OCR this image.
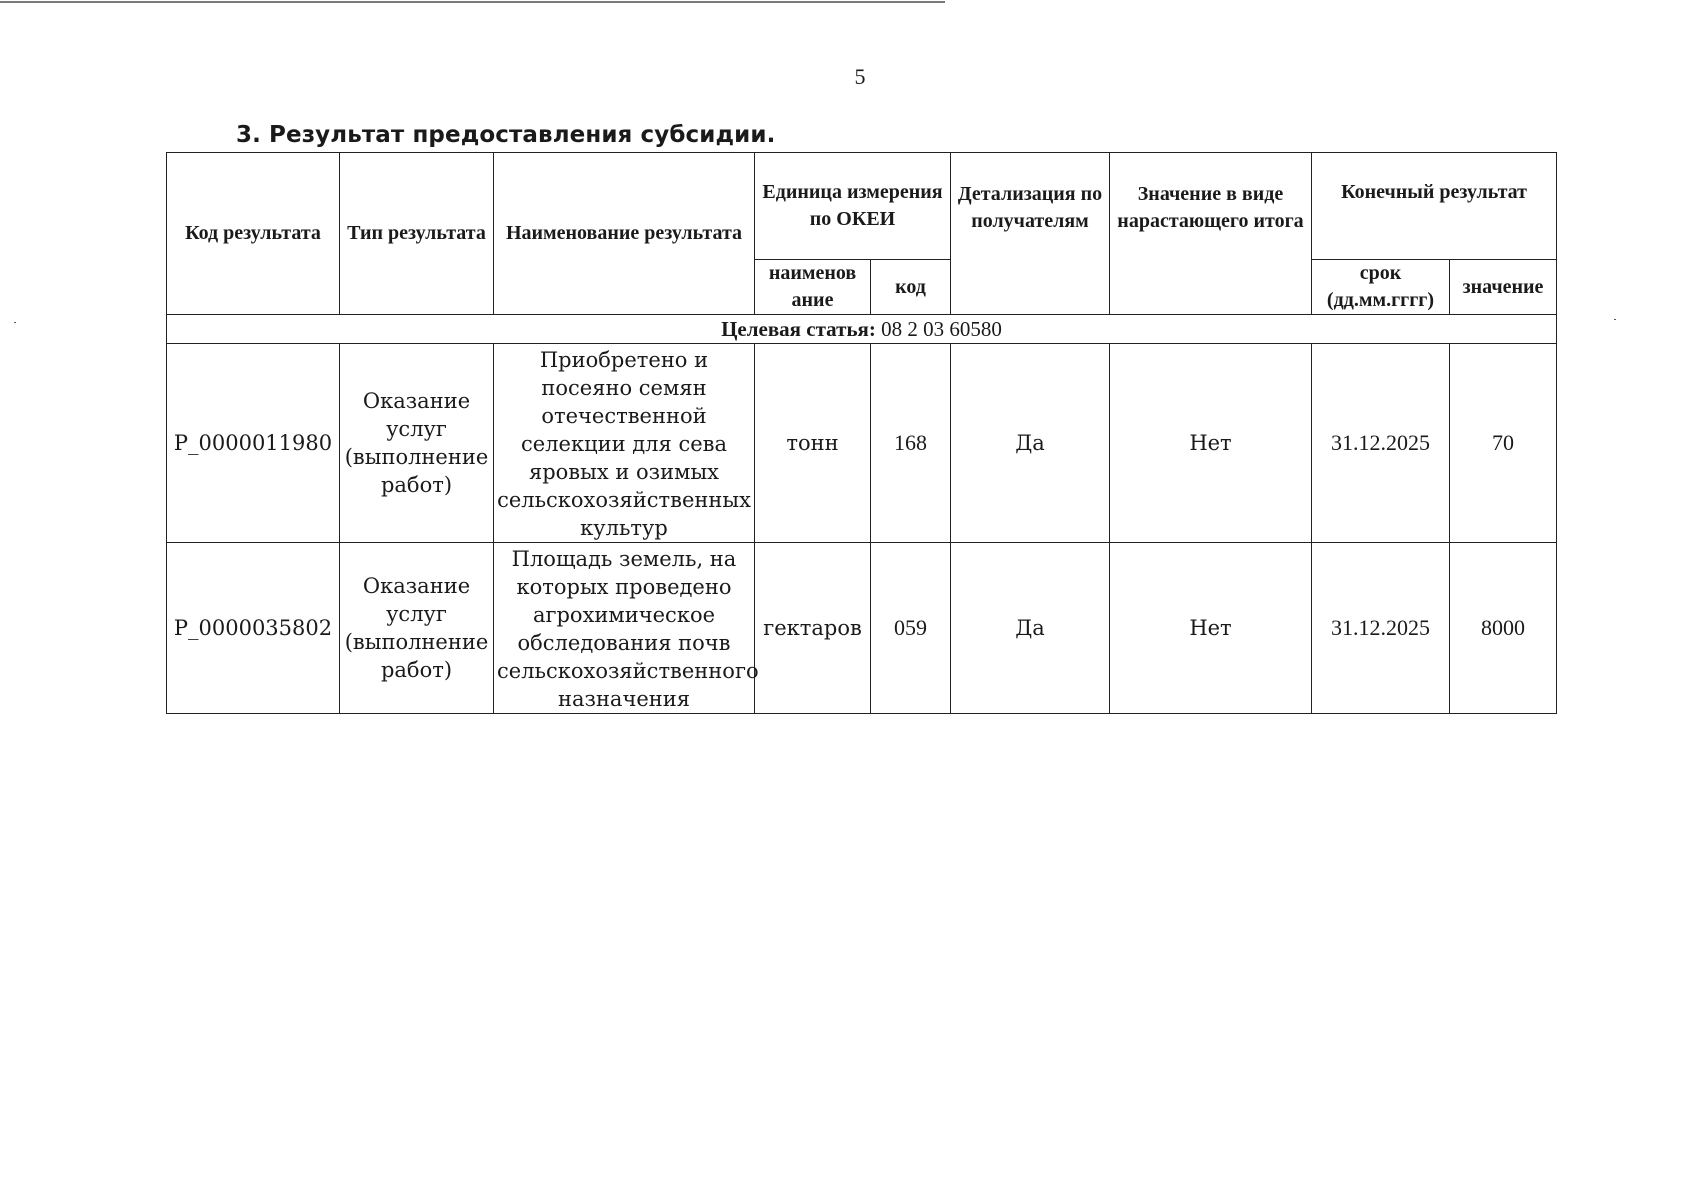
5
3. Результат предоставления субсидии.
Код результата	Тип результата	Наименование результата	Единица измерения по ОКЕИ		Детализация по получателям	Значение в виде нарастающего итога	Конечный результат	
			наименов ание	код			срок (дд.мм.гггг)	значение
Целевая статья: 08 2 03 60580								
P_0000011980	Оказание услуг (выполнение работ)	Приобретено и посеяно семян отечественной селекции для сева яровых и озимых сельскохозяйственных культур	тонн	168	Да	Нет	31.12.2025	70
P_0000035802	Оказание услуг (выполнение работ)	Площадь земель, на которых проведено агрохимическое обследования почв сельскохозяйственного назначения	гектаров	059	Да	Нет	31.12.2025	8000
